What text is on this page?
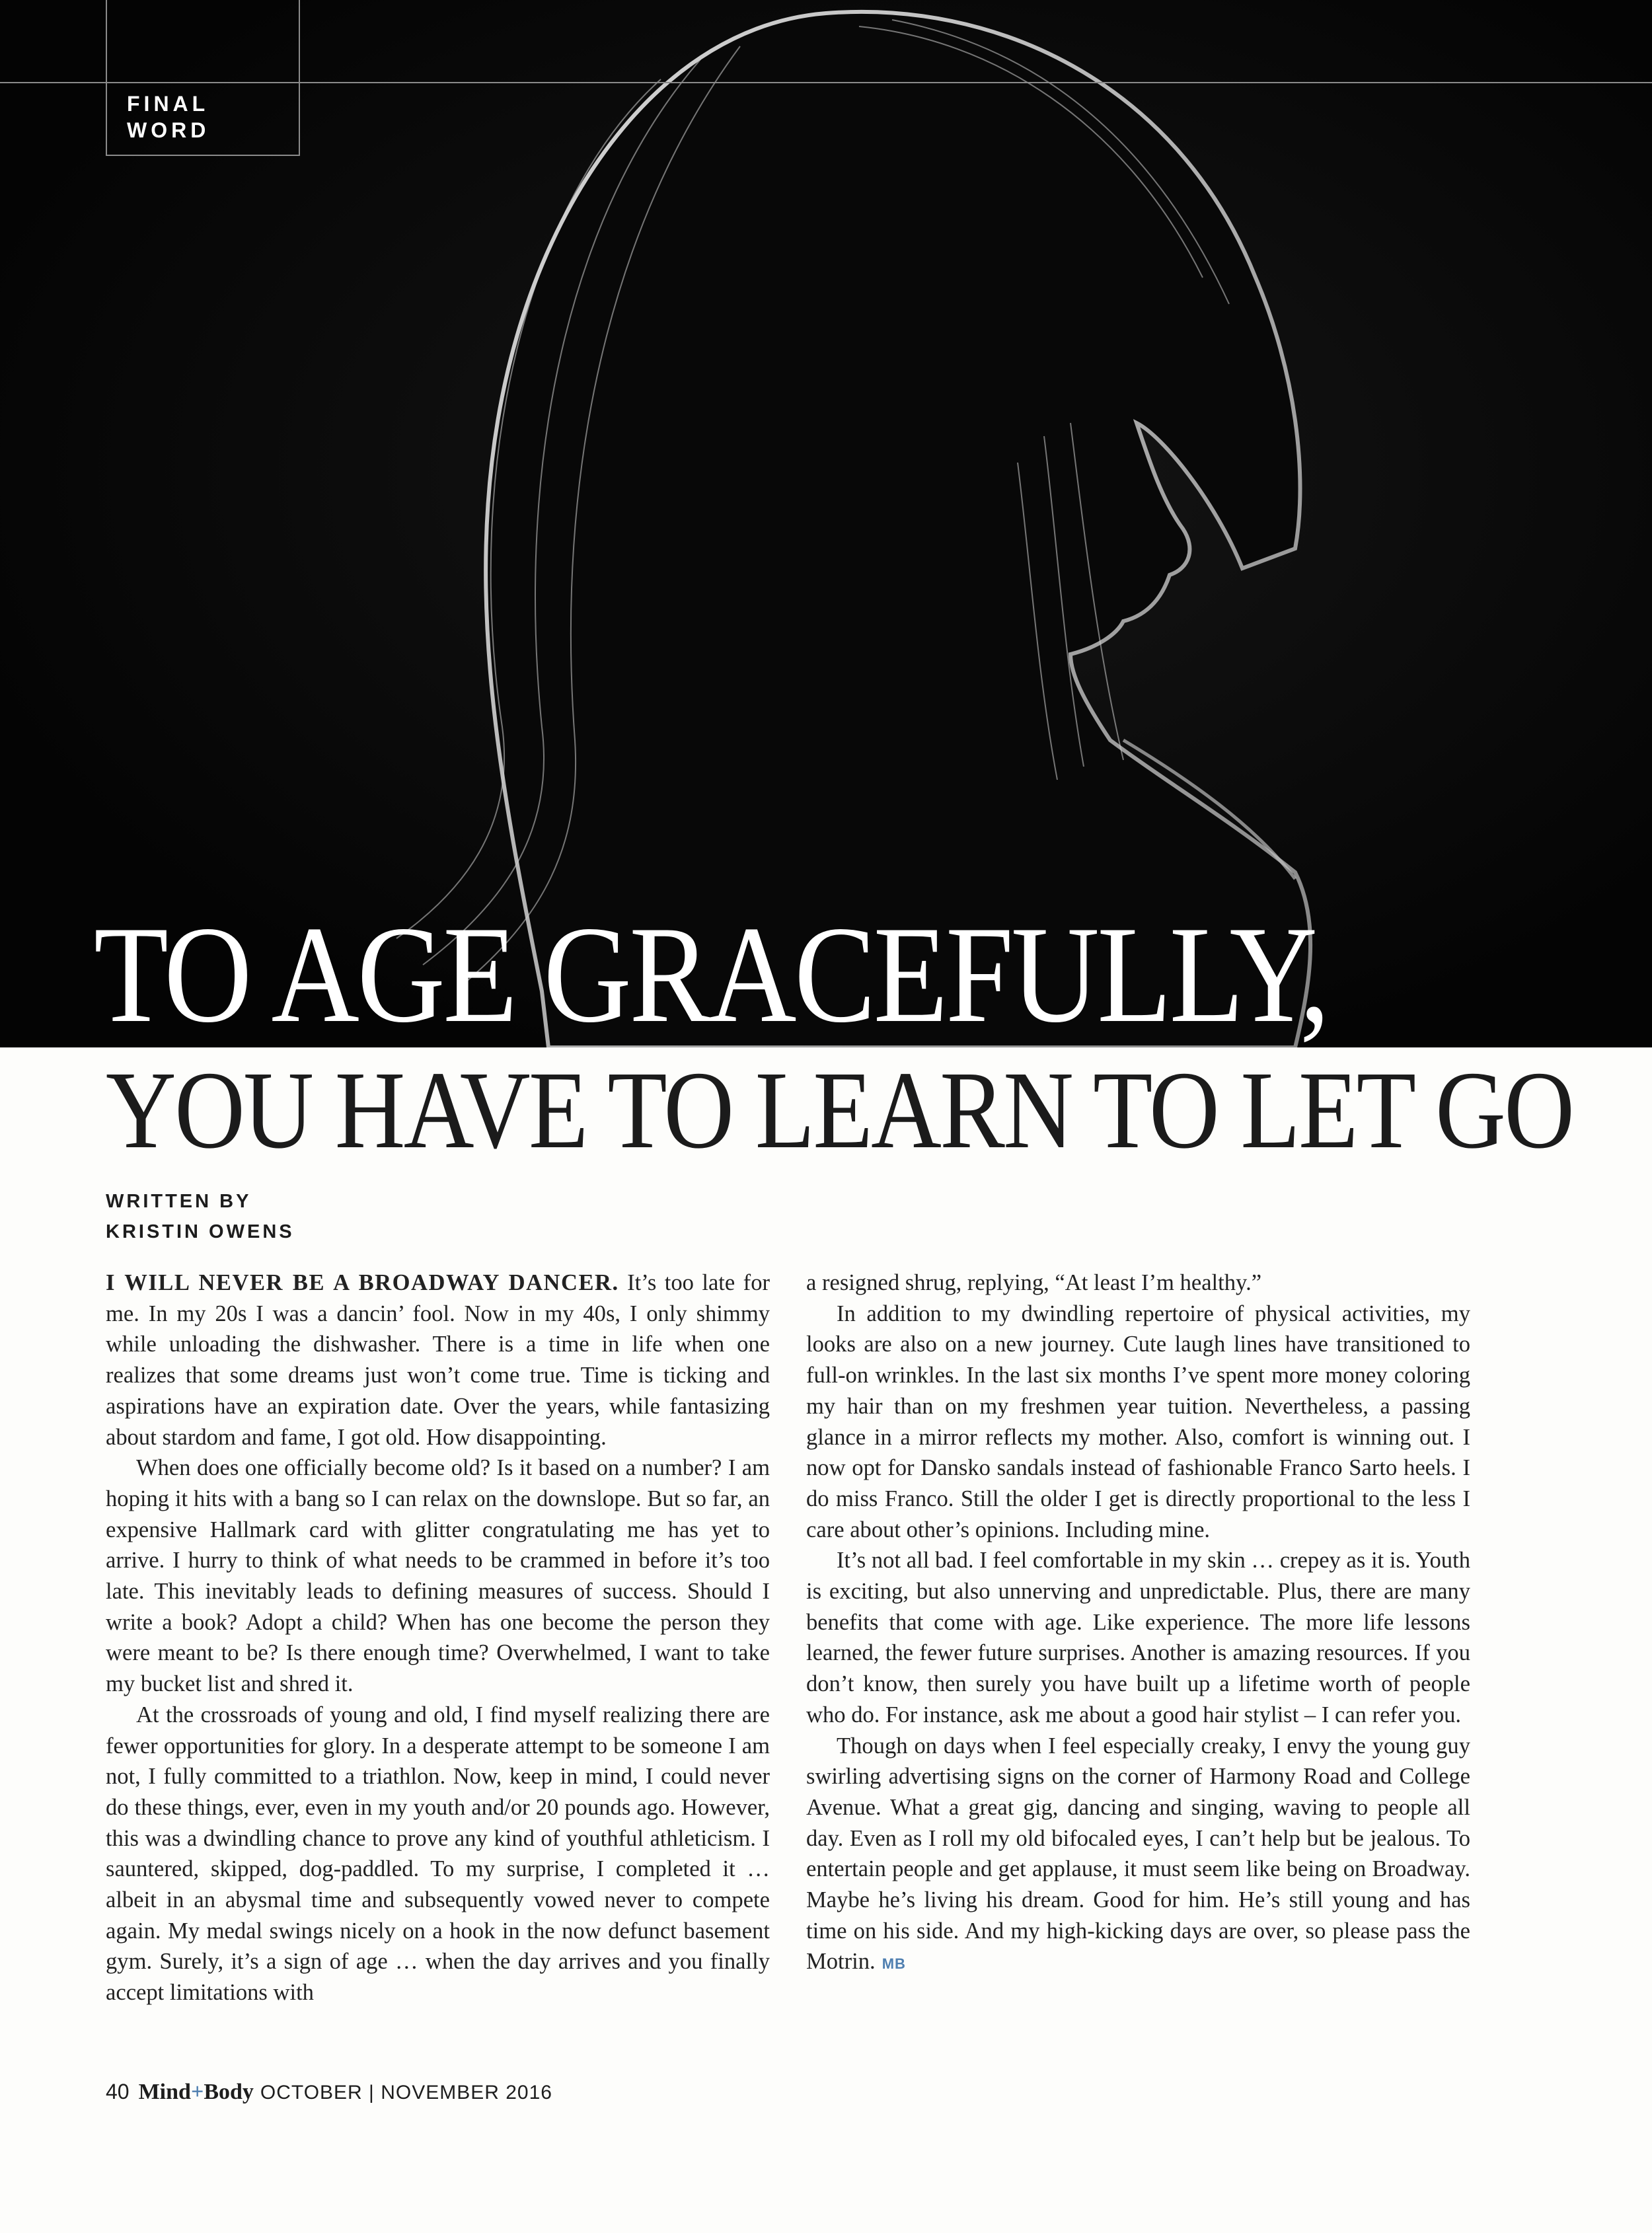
FINAL
WORD
TO AGE GRACEFULLY,
YOU HAVE TO LEARN TO LET GO
WRITTEN BY
KRISTIN OWENS

I WILL NEVER BE A BROADWAY DANCER. It’s too late for me. In my 20s I was a dancin’ fool. Now in my 40s, I only shimmy while unloading the dishwasher. There is a time in life when one realizes that some dreams just won’t come true. Time is ticking and aspirations have an expiration date. Over the years, while fantasizing about stardom and fame, I got old. How disappointing.

When does one officially become old? Is it based on a number? I am hoping it hits with a bang so I can relax on the downslope. But so far, an expensive Hallmark card with glitter congratulating me has yet to arrive. I hurry to think of what needs to be crammed in before it’s too late. This inevitably leads to defining measures of success. Should I write a book? Adopt a child? When has one become the person they were meant to be? Is there enough time? Overwhelmed, I want to take my bucket list and shred it.

At the crossroads of young and old, I find myself realizing there are fewer opportunities for glory. In a desperate attempt to be someone I am not, I fully committed to a triathlon. Now, keep in mind, I could never do these things, ever, even in my youth and/or 20 pounds ago. However, this was a dwindling chance to prove any kind of youthful athleticism. I sauntered, skipped, dog-paddled. To my surprise, I completed it … albeit in an abysmal time and subsequently vowed never to compete again. My medal swings nicely on a hook in the now defunct basement gym. Surely, it’s a sign of age … when the day arrives and you finally accept limitations with

a resigned shrug, replying, “At least I’m healthy.”

In addition to my dwindling repertoire of physical activities, my looks are also on a new journey. Cute laugh lines have transitioned to full-on wrinkles. In the last six months I’ve spent more money coloring my hair than on my freshmen year tuition. Nevertheless, a passing glance in a mirror reflects my mother. Also, comfort is winning out. I now opt for Dansko sandals instead of fashionable Franco Sarto heels. I do miss Franco. Still the older I get is directly proportional to the less I care about other’s opinions. Including mine.

It’s not all bad. I feel comfortable in my skin … crepey as it is. Youth is exciting, but also unnerving and unpredictable. Plus, there are many benefits that come with age. Like experience. The more life lessons learned, the fewer future surprises. Another is amazing resources. If you don’t know, then surely you have built up a lifetime worth of people who do. For instance, ask me about a good hair stylist – I can refer you.

Though on days when I feel especially creaky, I envy the young guy swirling advertising signs on the corner of Harmony Road and College Avenue. What a great gig, dancing and singing, waving to people all day. Even as I roll my old bifocaled eyes, I can’t help but be jealous. To entertain people and get applause, it must seem like being on Broadway. Maybe he’s living his dream. Good for him. He’s still young and has time on his side. And my high-kicking days are over, so please pass the Motrin. MB

40 Mind+Body OCTOBER | NOVEMBER 2016
